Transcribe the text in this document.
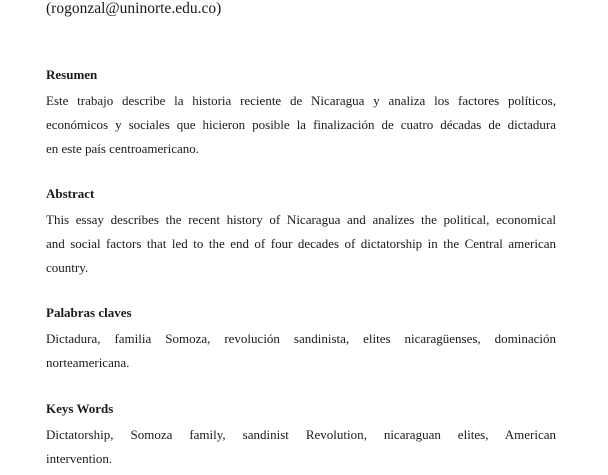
(rogonzal@uninorte.edu.co)
Resumen
Este trabajo describe la historia reciente de Nicaragua y analiza los factores políticos,
económicos y sociales que hicieron posible la finalización de cuatro décadas de dictadura
en este país centroamericano.
Abstract
This essay describes the recent history of Nicaragua and analizes the political, economical
and social factors that led to the end of four decades of dictatorship in the Central american
country.
Palabras claves
Dictadura, familia Somoza, revolución sandinista, elites nicaragüenses, dominación
norteamericana.
Keys Words
Dictatorship, Somoza family, sandinist Revolution, nicaraguan elites, American
intervention.
